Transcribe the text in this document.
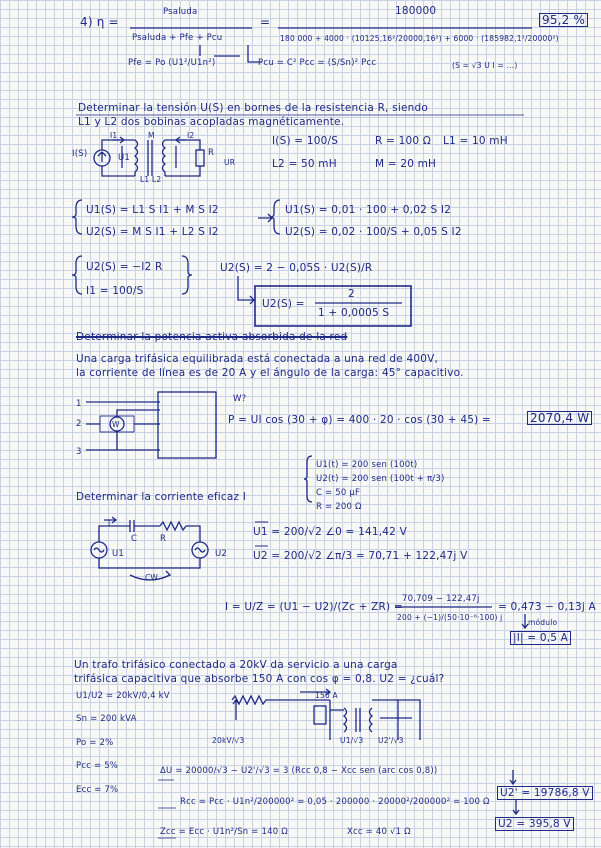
4) η =
Psaluda
Psaluda + Pfe + Pcu
=
180000
180 000 + 4000 · (10125,16²/20000,16²) + 6000 · (185982,1²/20000²)
95,2 %
Pfe = Po (U1²/U1n²)	Pcu = C² Pcc = (S/Sn)² Pcc	(S = √3 U I = ...)
Determinar la tensión U(S) en bornes de la resistencia R, siendo
L1 y L2 dos bobinas acopladas magnéticamente.
I(S)	U1
M
I1	I2
R
UR
L1 L2
I(S) = 100/S	R = 100 Ω L1 = 10 mH
L2 = 50 mH	M = 20 mH
U1(S) = L1 S I1 + M S I2
U2(S) = M S I1 + L2 S I2
U1(S) = 0,01 · 100 + 0,02 S I2
U2(S) = 0,02 · 100/S + 0,05 S I2
U2(S) = −I2 R
I1 = 100/S
U2(S) = 2 − 0,05S · U2(S)/R
U2(S) =
2
1 + 0,0005 S
Determinar la potencia activa absorbida de la red
Una carga trifásica equilibrada está conectada a una red de 400V,
la corriente de línea es de 20 A y el ángulo de la carga: 45° capacitivo.
1
2
3
W
W?
P = UI cos (30 + φ) = 400 · 20 · cos (30 + 45) =	2070,4 W
Determinar la corriente eficaz I
U1(t) = 200 sen (100t)
U2(t) = 200 sen (100t + π/3)
C = 50 μF
R = 200 Ω
I
C	R
U1	U2
CW
U1 = 200/√2 ∠0 = 141,42 V
U2 = 200/√2 ∠π/3 = 70,71 + 122,47j V
I = U/Z = (U1 − U2)/(Zc + ZR) =
70,709 − 122,47j
200 + (−1)/(50·10⁻⁶·100) j
= 0,473 − 0,13j A
módulo
|I| = 0,5 A
Un trafo trifásico conectado a 20kV da servicio a una carga
trifásica capacitiva que absorbe 150 A con cos φ = 0,8. U2 = ¿cuál?
U1/U2 = 20kV/0,4 kV
Sn = 200 kVA
Po = 2%
Pcc = 5%
Ecc = 7%
150 A
20kV/√3	U1/√3 U2'/√3
ΔU = 20000/√3 − U2'/√3 = 3 (Rcc 0,8 − Xcc sen (arc cos 0,8))
Rcc = Pcc · U1n²/200000² = 0,05 · 200000 · 20000²/200000² = 100 Ω
Zcc = Ecc · U1n²/Sn = 140 Ω	Xcc = 40 √1 Ω
U2' = 19786,8 V
U2 = 395,8 V
